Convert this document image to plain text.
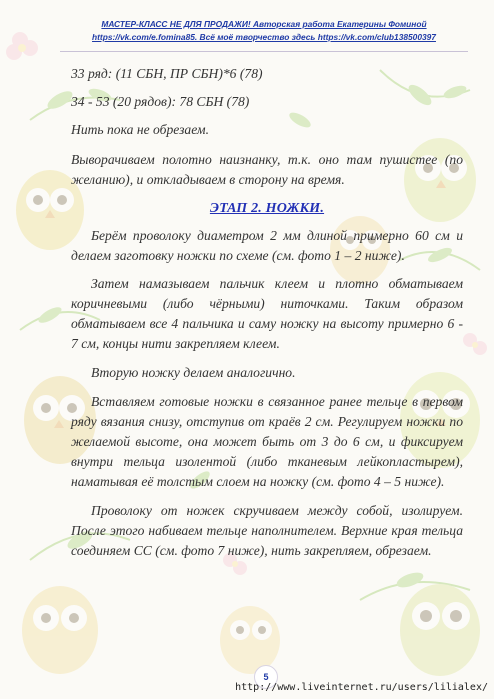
МАСТЕР-КЛАСС НЕ ДЛЯ ПРОДАЖИ! Авторская работа Екатерины Фоминой
https://vk.com/e.fomina85. Всё моё творчество здесь https://vk.com/club138500397

33 ряд: (11 СБН, ПР СБН)*6 (78)

34 - 53 (20 рядов): 78 СБН (78)

Нить пока не обрезаем.

Выворачиваем полотно наизнанку, т.к. оно там пушистее (по желанию), и откладываем в сторону на время.

ЭТАП 2. НОЖКИ.

Берём проволоку диаметром 2 мм длиной примерно 60 см и делаем заготовку ножки по схеме (см. фото 1 – 2 ниже).

Затем намазываем пальчик клеем и плотно обматываем коричневыми (либо чёрными) ниточками. Таким образом обматываем все 4 пальчика и саму ножку на высоту примерно 6 - 7 см, концы нити закрепляем клеем.

Вторую ножку делаем аналогично.

Вставляем готовые ножки в связанное ранее тельце в первом ряду вязания снизу, отступив от краёв 2 см. Регулируем ножки по желаемой высоте, она может быть от 3 до 6 см, и фиксируем внутри тельца изолентой (либо тканевым лейкопластырем), наматывая её толстым слоем на ножку (см. фото 4 – 5 ниже).

Проволоку от ножек скручиваем между собой, изолируем. После этого набиваем тельце наполнителем. Верхние края тельца соединяем СС (см. фото 7 ниже), нить закрепляем, обрезаем.

5
http://www.liveinternet.ru/users/lilialex/
